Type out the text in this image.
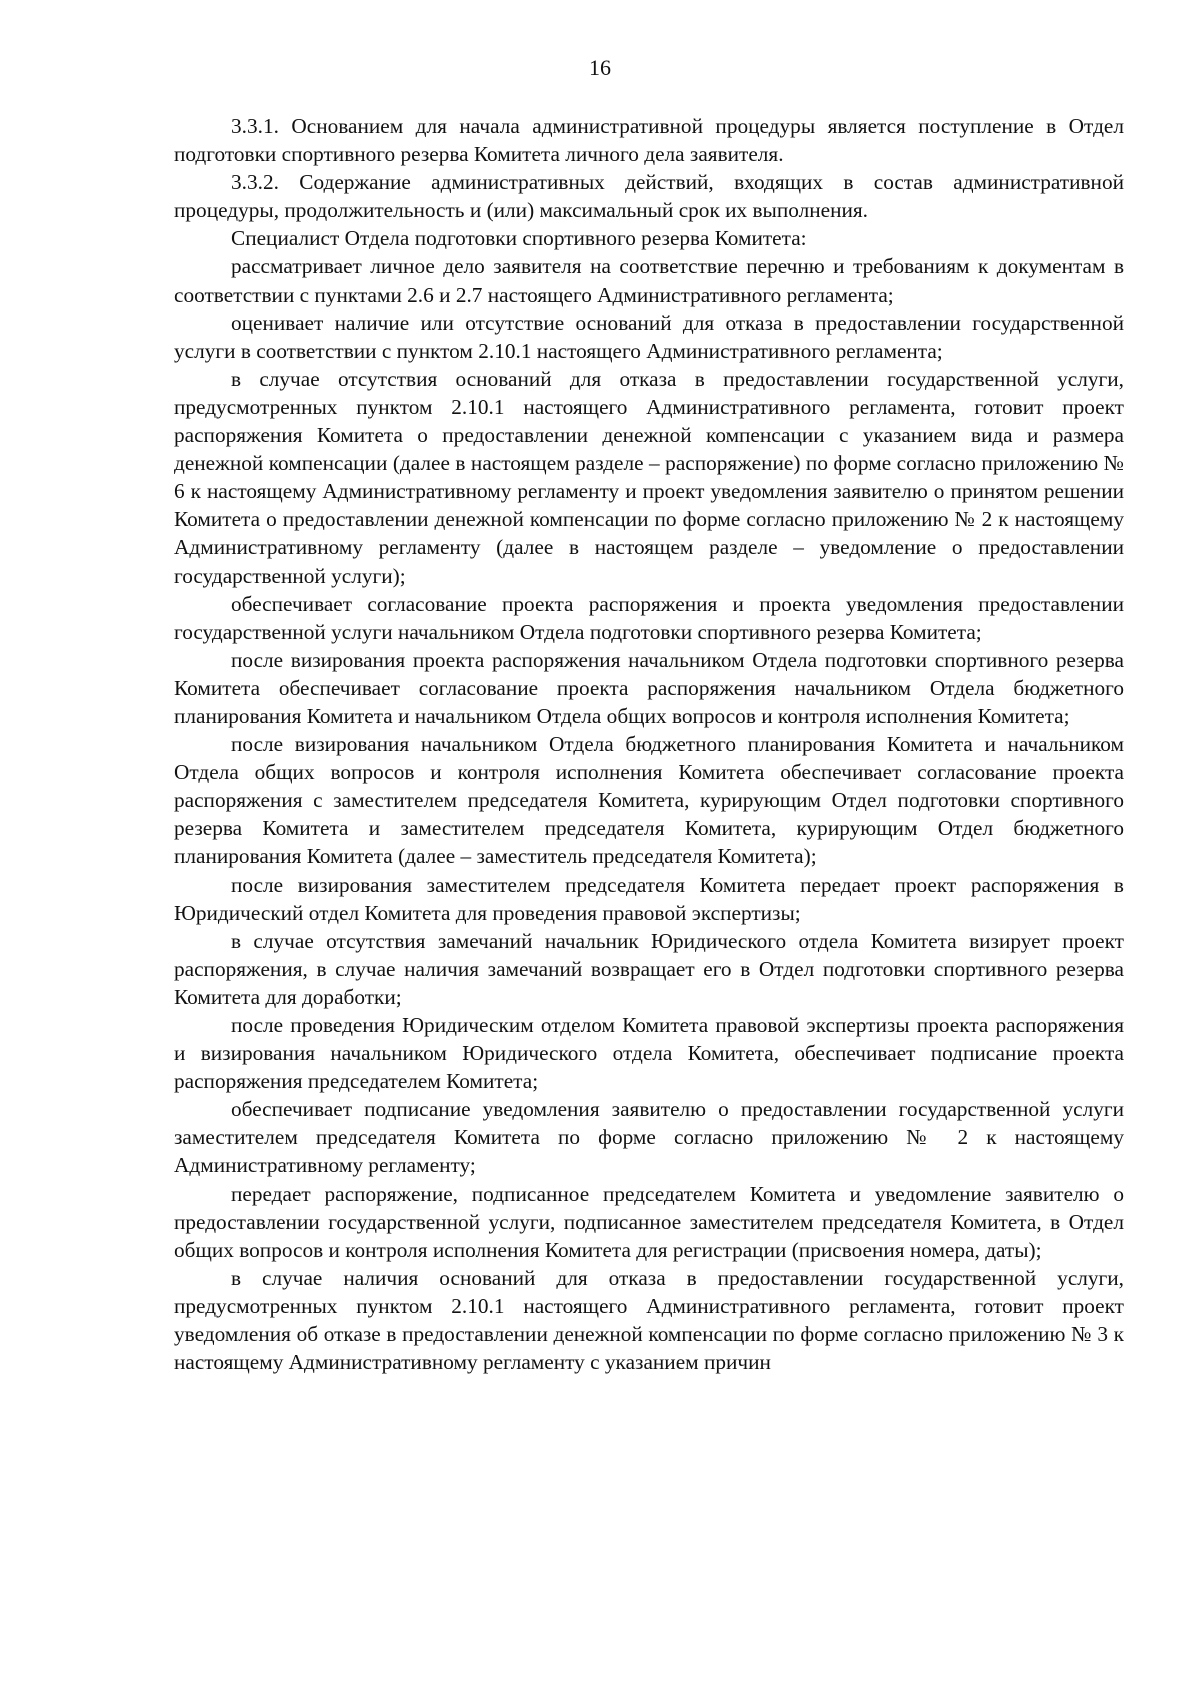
16

3.3.1. Основанием для начала административной процедуры является поступление в Отдел подготовки спортивного резерва Комитета личного дела заявителя.

3.3.2. Содержание административных действий, входящих в состав административной процедуры, продолжительность и (или) максимальный срок их выполнения.

Специалист Отдела подготовки спортивного резерва Комитета:

рассматривает личное дело заявителя на соответствие перечню и требованиям к документам в соответствии с пунктами 2.6 и 2.7 настоящего Административного регламента;

оценивает наличие или отсутствие оснований для отказа в предоставлении государственной услуги в соответствии с пунктом 2.10.1 настоящего Административного регламента;

в случае отсутствия оснований для отказа в предоставлении государственной услуги, предусмотренных пунктом 2.10.1 настоящего Административного регламента, готовит проект распоряжения Комитета о предоставлении денежной компенсации с указанием вида и размера денежной компенсации (далее в настоящем разделе – распоряжение) по форме согласно приложению № 6 к настоящему Административному регламенту и проект уведомления заявителю о принятом решении Комитета о предоставлении денежной компенсации по форме согласно приложению № 2 к настоящему Административному регламенту (далее в настоящем разделе – уведомление о предоставлении государственной услуги);

обеспечивает согласование проекта распоряжения и проекта уведомления предоставлении государственной услуги начальником Отдела подготовки спортивного резерва Комитета;

после визирования проекта распоряжения начальником Отдела подготовки спортивного резерва Комитета обеспечивает согласование проекта распоряжения начальником Отдела бюджетного планирования Комитета и начальником Отдела общих вопросов и контроля исполнения Комитета;

после визирования начальником Отдела бюджетного планирования Комитета и начальником Отдела общих вопросов и контроля исполнения Комитета обеспечивает согласование проекта распоряжения с заместителем председателя Комитета, курирующим Отдел подготовки спортивного резерва Комитета и заместителем председателя Комитета, курирующим Отдел бюджетного планирования Комитета (далее – заместитель председателя Комитета);

после визирования заместителем председателя Комитета передает проект распоряжения в Юридический отдел Комитета для проведения правовой экспертизы;

в случае отсутствия замечаний начальник Юридического отдела Комитета визирует проект распоряжения, в случае наличия замечаний возвращает его в Отдел подготовки спортивного резерва Комитета для доработки;

после проведения Юридическим отделом Комитета правовой экспертизы проекта распоряжения и визирования начальником Юридического отдела Комитета, обеспечивает подписание проекта распоряжения председателем Комитета;

обеспечивает подписание уведомления заявителю о предоставлении государственной услуги заместителем председателя Комитета по форме согласно приложению № 2 к настоящему Административному регламенту;

передает распоряжение, подписанное председателем Комитета и уведомление заявителю о предоставлении государственной услуги, подписанное заместителем председателя Комитета, в Отдел общих вопросов и контроля исполнения Комитета для регистрации (присвоения номера, даты);

в случае наличия оснований для отказа в предоставлении государственной услуги, предусмотренных пунктом 2.10.1 настоящего Административного регламента, готовит проект уведомления об отказе в предоставлении денежной компенсации по форме согласно приложению № 3 к настоящему Административному регламенту с указанием причин
